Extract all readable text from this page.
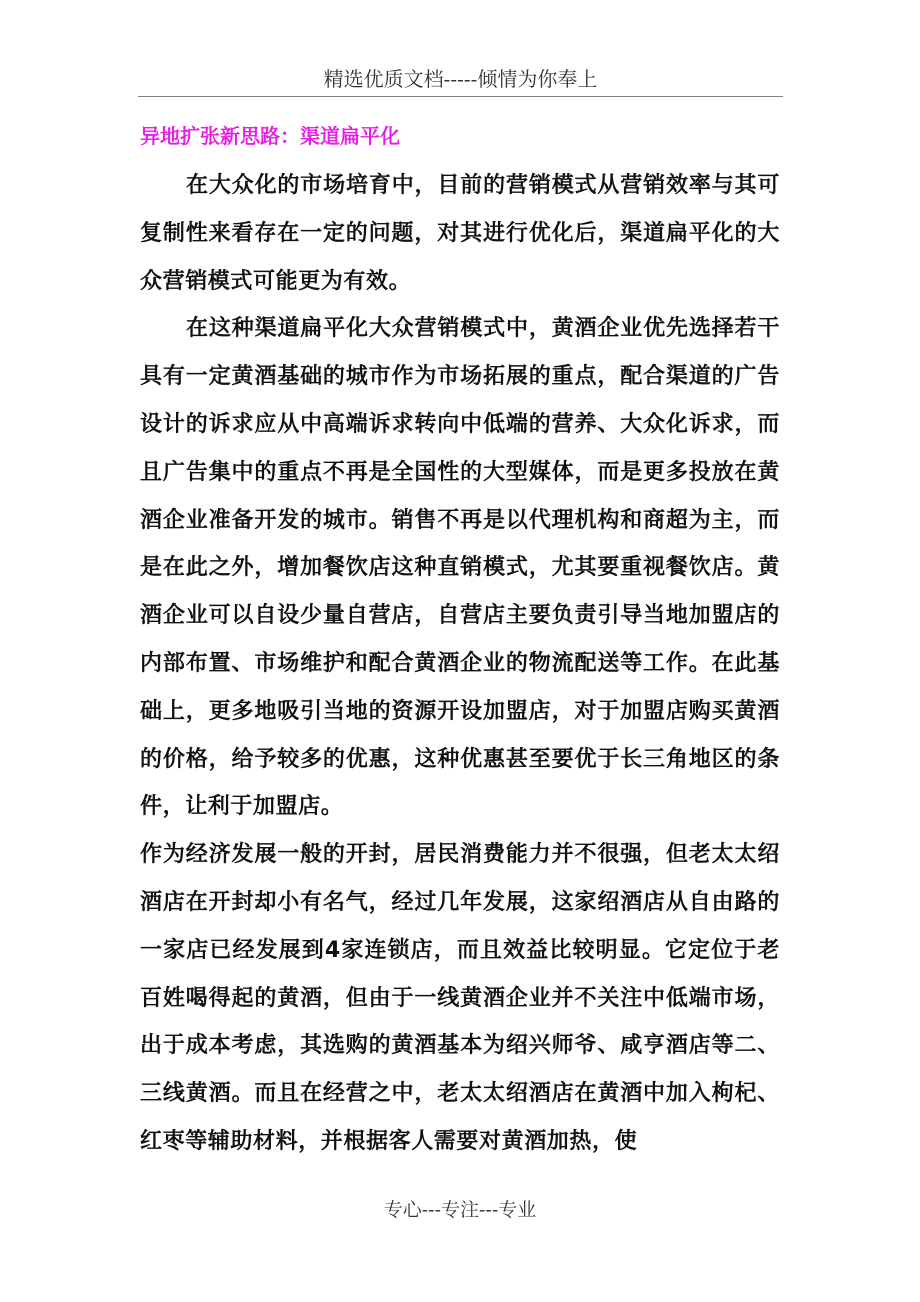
精选优质文档-----倾情为你奉上
异地扩张新思路：渠道扁平化

在大众化的市场培育中，目前的营销模式从营销效率与其可复制性来看存在一定的问题，对其进行优化后，渠道扁平化的大众营销模式可能更为有效。

在这种渠道扁平化大众营销模式中，黄酒企业优先选择若干具有一定黄酒基础的城市作为市场拓展的重点，配合渠道的广告设计的诉求应从中高端诉求转向中低端的营养、大众化诉求，而且广告集中的重点不再是全国性的大型媒体，而是更多投放在黄酒企业准备开发的城市。销售不再是以代理机构和商超为主，而是在此之外，增加餐饮店这种直销模式，尤其要重视餐饮店。黄酒企业可以自设少量自营店，自营店主要负责引导当地加盟店的内部布置、市场维护和配合黄酒企业的物流配送等工作。在此基础上，更多地吸引当地的资源开设加盟店，对于加盟店购买黄酒的价格，给予较多的优惠，这种优惠甚至要优于长三角地区的条件，让利于加盟店。

作为经济发展一般的开封，居民消费能力并不很强，但老太太绍酒店在开封却小有名气，经过几年发展，这家绍酒店从自由路的一家店已经发展到4家连锁店，而且效益比较明显。它定位于老百姓喝得起的黄酒，但由于一线黄酒企业并不关注中低端市场，出于成本考虑，其选购的黄酒基本为绍兴师爷、咸亨酒店等二、三线黄酒。而且在经营之中，老太太绍酒店在黄酒中加入枸杞、红枣等辅助材料，并根据客人需要对黄酒加热，使

专心---专注---专业
